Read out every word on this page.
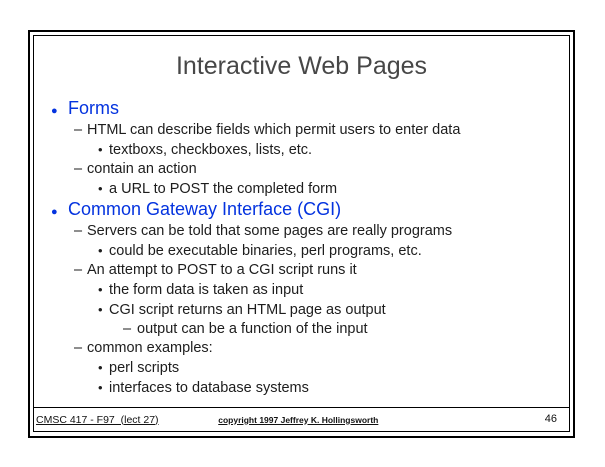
Interactive Web Pages
● Forms
– HTML can describe fields which permit users to enter data
• textboxs, checkboxes, lists, etc.
– contain an action
• a URL to POST the completed form
● Common Gateway Interface (CGI)
– Servers can be told that some pages are really programs
• could be executable binaries, perl programs, etc.
– An attempt to POST to a CGI script runs it
• the form data is taken as input
• CGI script returns an HTML page as output
– output can be a function of the input
– common examples:
• perl scripts
• interfaces to database systems
CMSC 417 - F97  (lect 27)	copyright 1997 Jeffrey K. Hollingsworth	46
